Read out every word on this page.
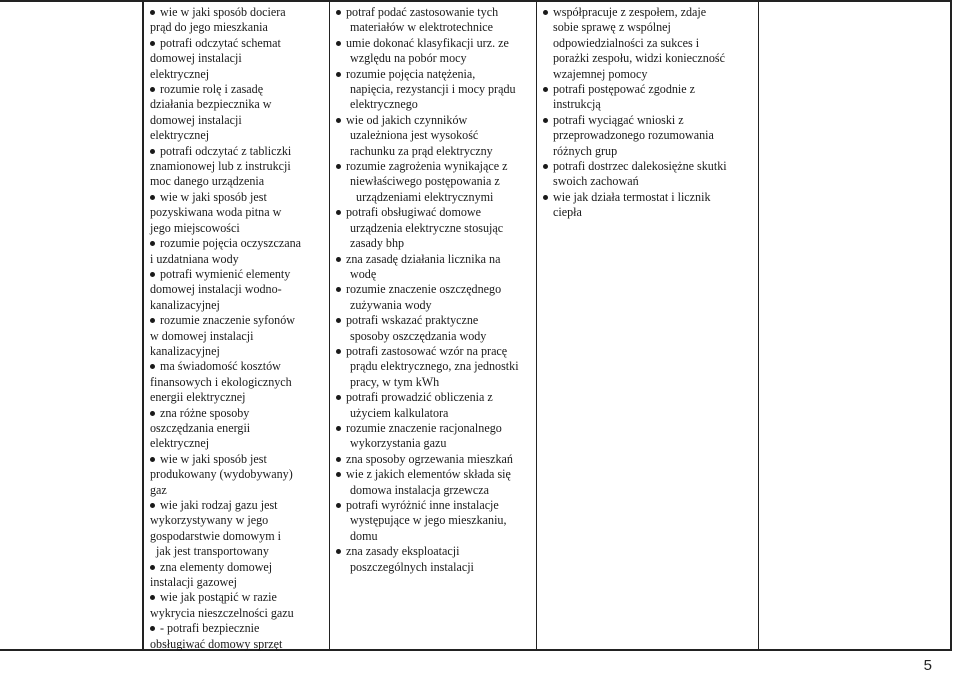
wie w jaki sposób dociera
prąd do jego mieszkania
potrafi odczytać schemat
domowej instalacji
elektrycznej
rozumie rolę i zasadę
działania bezpiecznika w
domowej instalacji
elektrycznej
potrafi odczytać z tabliczki
znamionowej lub z instrukcji
moc danego urządzenia
wie w jaki sposób jest
pozyskiwana woda pitna w
jego miejscowości
rozumie pojęcia oczyszczana
i uzdatniana wody
potrafi wymienić elementy
domowej instalacji wodno-
kanalizacyjnej
rozumie znaczenie syfonów
w domowej instalacji
kanalizacyjnej
ma świadomość kosztów
finansowych i ekologicznych
energii elektrycznej
zna różne sposoby
oszczędzania energii
elektrycznej
wie w jaki sposób jest
produkowany (wydobywany)
gaz
wie jaki rodzaj gazu jest
wykorzystywany w jego
gospodarstwie domowym i
jak jest transportowany
zna elementy domowej
instalacji gazowej
wie jak postąpić w razie
wykrycia nieszczelności gazu
- potrafi bezpiecznie
obsługiwać domowy sprzęt
potraf podać zastosowanie tych
materiałów w elektrotechnice
umie dokonać klasyfikacji urz. ze
względu na pobór mocy
rozumie pojęcia natężenia,
napięcia, rezystancji i mocy prądu
elektrycznego
wie od jakich czynników
uzależniona jest wysokość
rachunku za prąd elektryczny
rozumie zagrożenia wynikające z
niewłaściwego postępowania z
urządzeniami elektrycznymi
potrafi obsługiwać domowe
urządzenia elektryczne stosując
zasady bhp
zna zasadę działania licznika na
wodę
rozumie znaczenie oszczędnego
zużywania wody
potrafi wskazać praktyczne
sposoby oszczędzania wody
potrafi zastosować wzór na pracę
prądu elektrycznego, zna jednostki
pracy, w tym kWh
potrafi prowadzić obliczenia z
użyciem kalkulatora
rozumie znaczenie racjonalnego
wykorzystania gazu
zna sposoby ogrzewania mieszkań
wie z jakich elementów składa się
domowa instalacja grzewcza
potrafi wyróżnić inne instalacje
występujące w jego mieszkaniu,
domu
zna zasady eksploatacji
poszczególnych instalacji
współpracuje z zespołem, zdaje
sobie sprawę z wspólnej
odpowiedzialności za sukces i
porażki zespołu, widzi konieczność
wzajemnej pomocy
potrafi postępować zgodnie z
instrukcją
potrafi wyciągać wnioski z
przeprowadzonego rozumowania
różnych grup
potrafi dostrzec dalekosiężne skutki
swoich zachowań
wie jak działa termostat i licznik
ciepła
5
